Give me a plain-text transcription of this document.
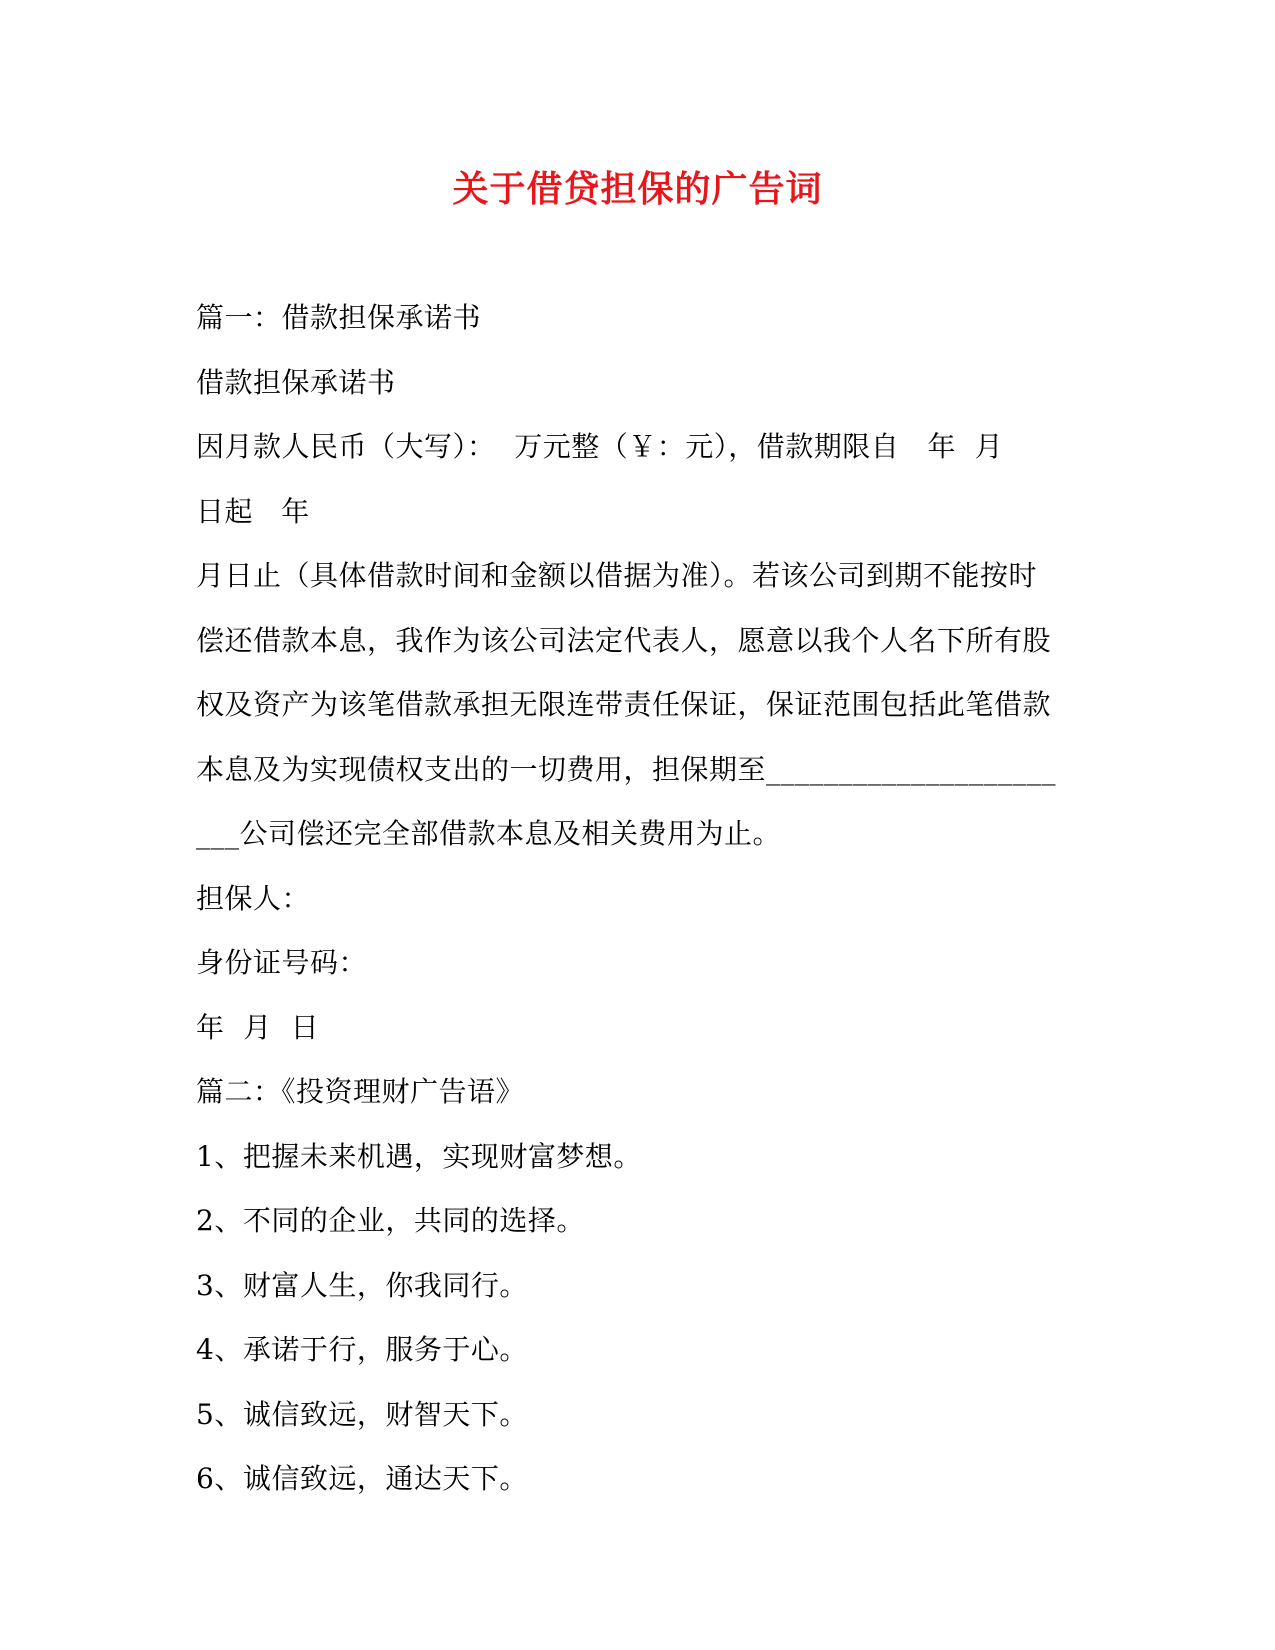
关于借贷担保的广告词
篇一：借款担保承诺书
借款担保承诺书
因月款人民币（大写）：  万元整（￥：元），借款期限自   年  月
日起   年
月日止（具体借款时间和金额以借据为准）。若该公司到期不能按时
偿还借款本息，我作为该公司法定代表人，愿意以我个人名下所有股
权及资产为该笔借款承担无限连带责任保证，保证范围包括此笔借款
本息及为实现债权支出的一切费用，担保期至____________________
___公司偿还完全部借款本息及相关费用为止。
担保人：
身份证号码：
年  月  日
篇二：《投资理财广告语》
1、把握未来机遇，实现财富梦想。
2、不同的企业，共同的选择。
3、财富人生，你我同行。
4、承诺于行，服务于心。
5、诚信致远，财智天下。
6、诚信致远，通达天下。
